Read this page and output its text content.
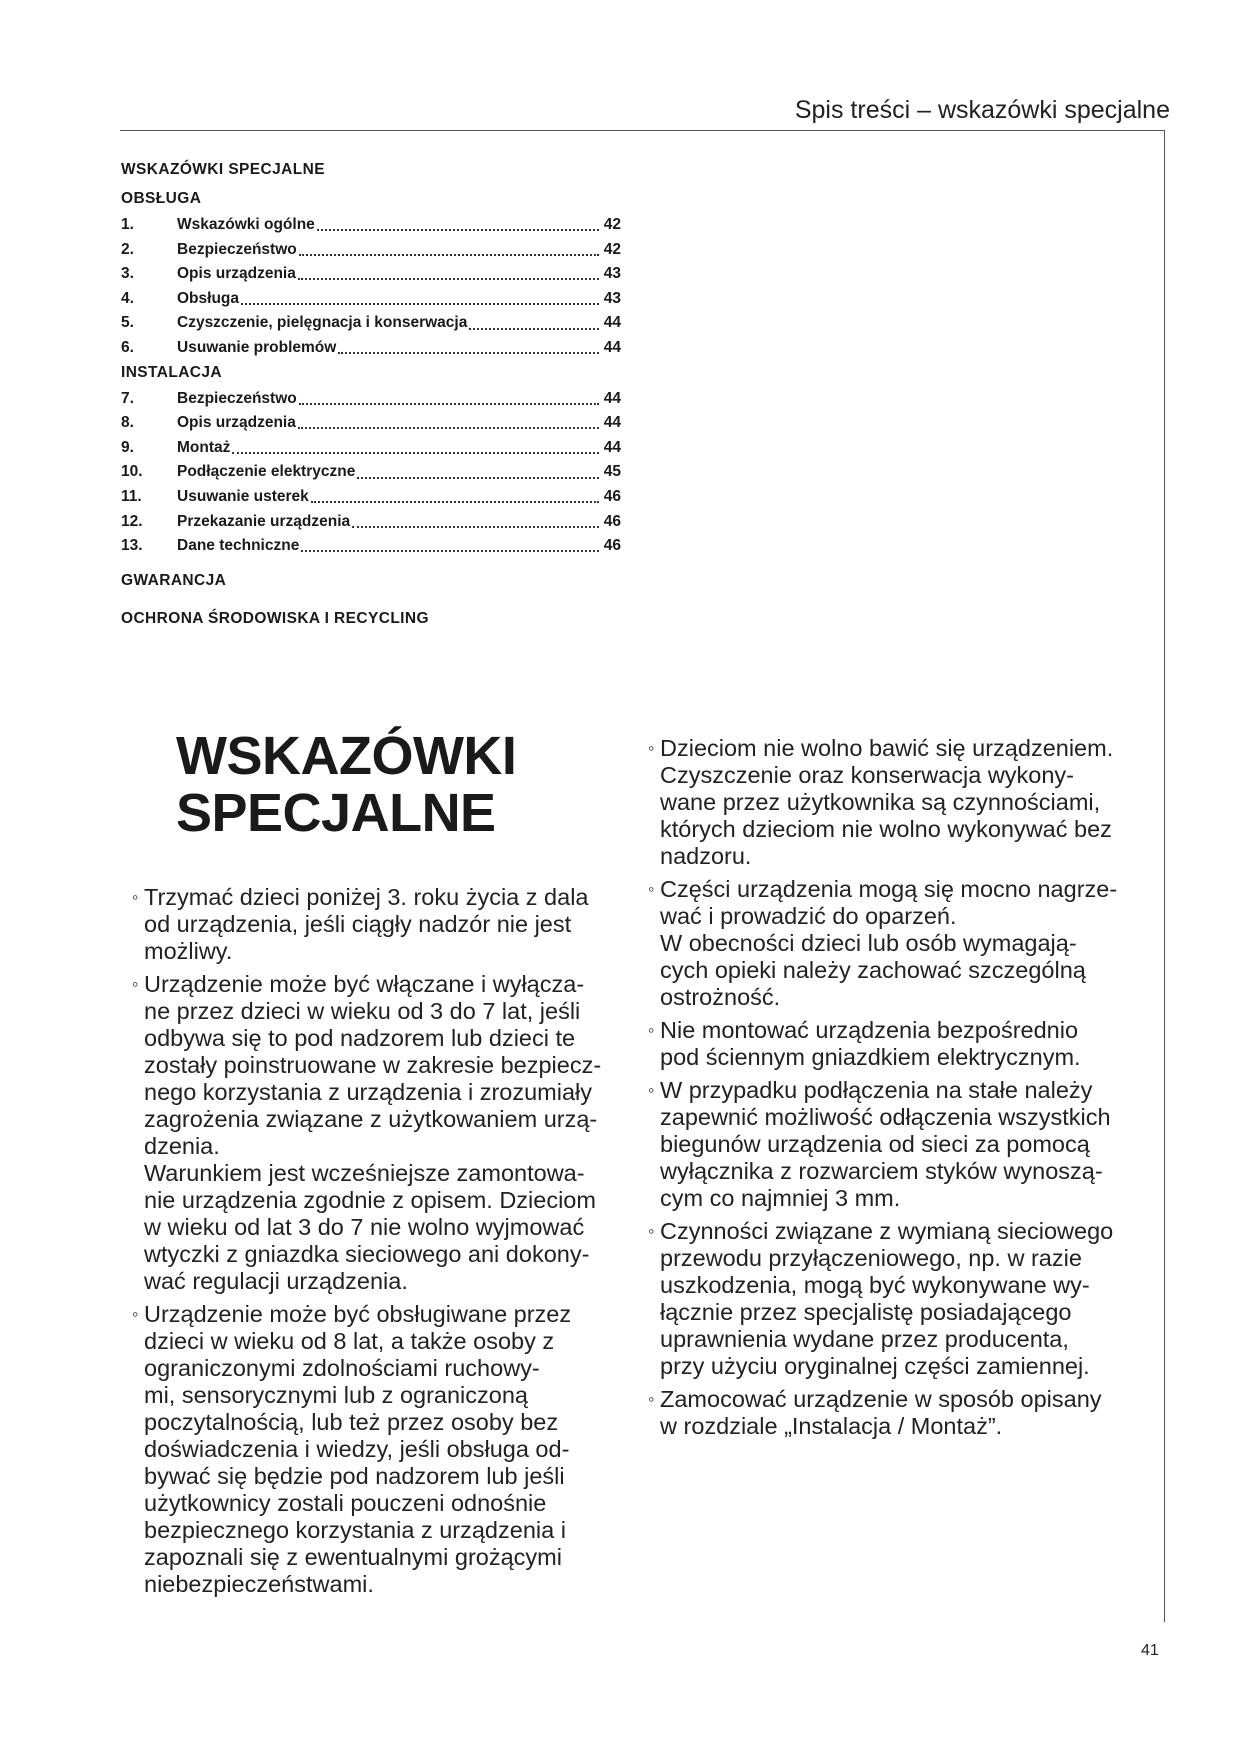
Spis treści – wskazówki specjalne
WSKAZÓWKI SPECJALNE
OBSŁUGA
1.	Wskazówki ogólne	42
2.	Bezpieczeństwo	42
3.	Opis urządzenia	43
4.	Obsługa	43
5.	Czyszczenie, pielęgnacja i konserwacja	44
6.	Usuwanie problemów	44
INSTALACJA
7.	Bezpieczeństwo	44
8.	Opis urządzenia	44
9.	Montaż	44
10.	Podłączenie elektryczne	45
11.	Usuwanie usterek	46
12.	Przekazanie urządzenia	46
13.	Dane techniczne	46
GWARANCJA
OCHRONA ŚRODOWISKA I RECYCLING
WSKAZÓWKI
SPECJALNE
◦ Trzymać dzieci poniżej 3. roku życia z dala
od urządzenia, jeśli ciągły nadzór nie jest
możliwy.
◦ Urządzenie może być włączane i wyłącza-
ne przez dzieci w wieku od 3 do 7 lat, jeśli
odbywa się to pod nadzorem lub dzieci te
zostały poinstruowane w zakresie bezpiecz-
nego korzystania z urządzenia i zrozumiały
zagrożenia związane z użytkowaniem urzą-
dzenia.
Warunkiem jest wcześniejsze zamontowa-
nie urządzenia zgodnie z opisem. Dzieciom
w wieku od lat 3 do 7 nie wolno wyjmować
wtyczki z gniazdka sieciowego ani dokony-
wać regulacji urządzenia.
◦ Urządzenie może być obsługiwane przez
dzieci w wieku od 8 lat, a także osoby z
ograniczonymi zdolnościami ruchowy-
mi, sensorycznymi lub z ograniczoną
poczytalnością, lub też przez osoby bez
doświadczenia i wiedzy, jeśli obsługa od-
bywać się będzie pod nadzorem lub jeśli
użytkownicy zostali pouczeni odnośnie
bezpiecznego korzystania z urządzenia i
zapoznali się z ewentualnymi grożącymi
niebezpieczeństwami.
◦ Dzieciom nie wolno bawić się urządzeniem.
Czyszczenie oraz konserwacja wykony-
wane przez użytkownika są czynnościami,
których dzieciom nie wolno wykonywać bez
nadzoru.
◦ Części urządzenia mogą się mocno nagrze-
wać i prowadzić do oparzeń.
W obecności dzieci lub osób wymagają-
cych opieki należy zachować szczególną
ostrożność.
◦ Nie montować urządzenia bezpośrednio
pod ściennym gniazdkiem elektrycznym.
◦ W przypadku podłączenia na stałe należy
zapewnić możliwość odłączenia wszystkich
biegunów urządzenia od sieci za pomocą
wyłącznika z rozwarciem styków wynoszą-
cym co najmniej 3 mm.
◦ Czynności związane z wymianą sieciowego
przewodu przyłączeniowego, np. w razie
uszkodzenia, mogą być wykonywane wy-
łącznie przez specjalistę posiadającego
uprawnienia wydane przez producenta,
przy użyciu oryginalnej części zamiennej.
◦ Zamocować urządzenie w sposób opisany
w rozdziale „Instalacja / Montaż”.
41
